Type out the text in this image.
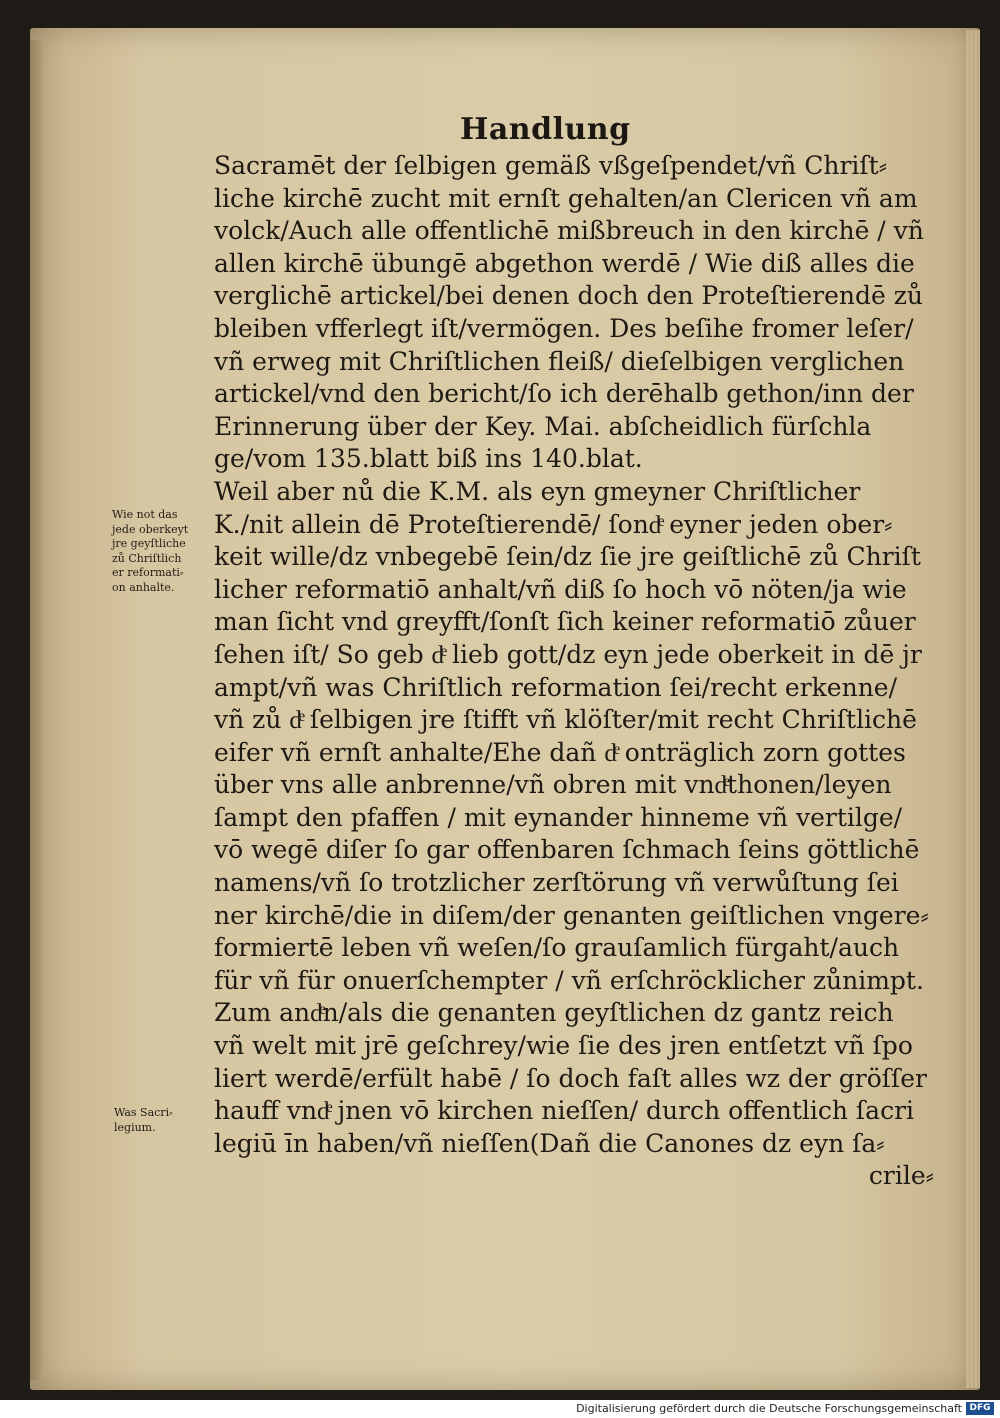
Handlung
Sacramēt der ſelbigen gemäß vßgeſpendet/vñ Chriſt⸗
liche kirchē zucht mit ernſt gehalten/an Clericen vñ am
volck/Auch alle offentlichē mißbreuch in den kirchē / vñ
allen kirchē übungē abgethon werdē / Wie diß alles die
verglichē artickel/bei denen doch den Proteſtierendē zů
bleiben vfferlegt iſt/vermögen. Des beſihe fromer leſer/
vñ erweg mit Chriſtlichen fleiß/ dieſelbigen verglichen
artickel/vnd den bericht/ſo ich derēhalb gethon/inn der
Erinnerung über der Key. Mai. abſcheidlich fürſchla
ge/vom 135.blatt biß ins 140.blat.
Weil aber nů die K.M. als eyn gmeyner Chriſtlicher
K./nit allein dē Proteſtierendē/ ſondͤ eyner jeden ober⸗
keit wille/dz vnbegebē ſein/dz ſie jre geiſtlichē zů Chriſt
licher reformatiō anhalt/vñ diß ſo hoch vō nöten/ja wie
man ſicht vnd greyfft/ſonſt ſich keiner reformatiō zůuer
ſehen iſt/ So geb dͤ lieb gott/dz eyn jede oberkeit in dē jr
ampt/vñ was Chriſtlich reformation ſei/recht erkenne/
vñ zů dͤ ſelbigen jre ſtifft vñ klöſter/mit recht Chriſtlichē
eifer vñ ernſt anhalte/Ehe dañ dͤ onträglich zorn gottes
über vns alle anbrenne/vñ obren mit vndͤthonen/leyen
ſampt den pfaffen / mit eynander hinneme vñ vertilge/
vō wegē diſer ſo gar offenbaren ſchmach ſeins göttlichē
namens/vñ ſo trotzlicher zerſtörung vñ verwůſtung ſei
ner kirchē/die in diſem/der genanten geiſtlichen vngere⸗
formiertē leben vñ weſen/ſo grauſamlich fürgaht/auch
für vñ für onuerſchempter / vñ erſchröcklicher zůnimpt.
Zum andͤn/als die genanten geyſtlichen dz gantz reich
vñ welt mit jrē geſchrey/wie ſie des jren entſetzt vñ ſpo
liert werdē/erfült habē / ſo doch faſt alles wz der gröſſer
hauff vndͤ jnen vō kirchen nieſſen/ durch offentlich ſacri
legiū īn haben/vñ nieſſen(Dañ die Canones dz eyn ſa⸗
crile⸗
Wie not das
jede oberkeyt
jre geyſtliche
zů Chriſtlich
er reformati⸗
on anhalte.
Was Sacri⸗
legium.
Digitalisierung gefördert durch die Deutsche Forschungsgemeinschaft DFG
